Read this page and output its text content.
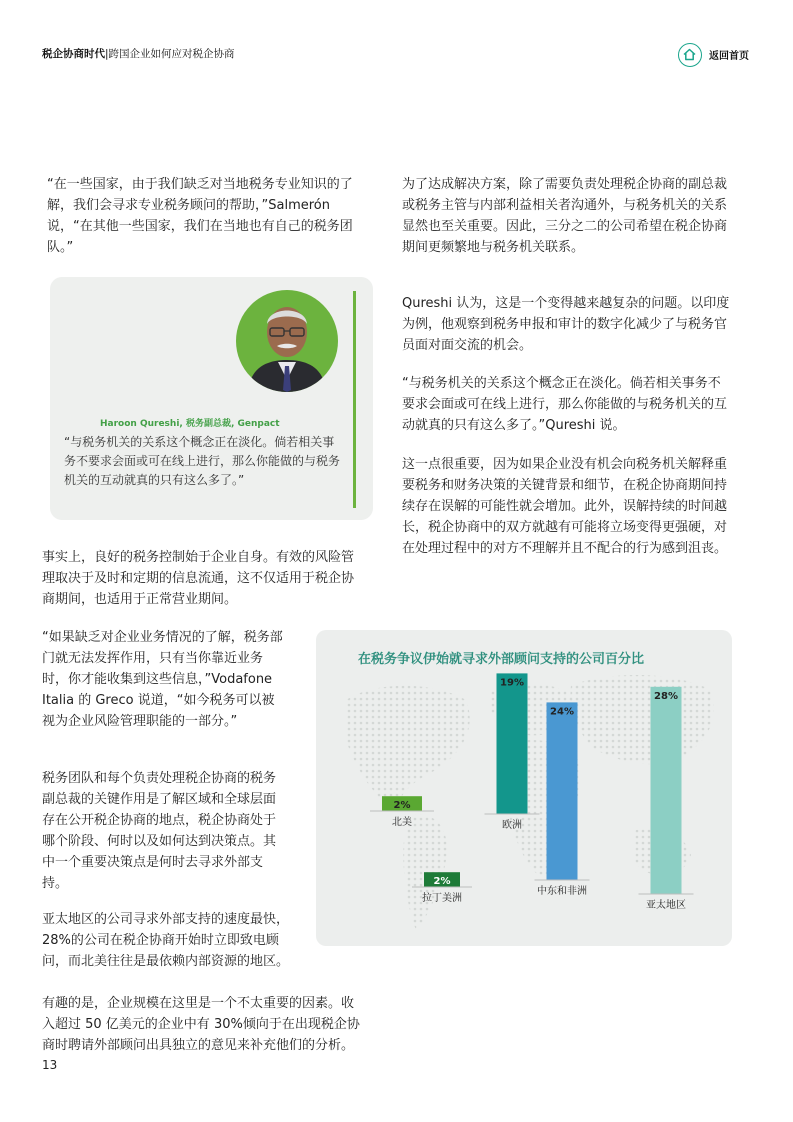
税企协商时代|跨国企业如何应对税企协商	返回首页

“在一些国家，由于我们缺乏对当地税务专业知识的了解，我们会寻求专业税务顾问的帮助，”Salmerón 说，“在其他一些国家，我们在当地也有自己的税务团队。”

Haroon Qureshi, 税务副总裁, Genpact

“与税务机关的关系这个概念正在淡化。倘若相关事务不要求会面或可在线上进行，那么你能做的与税务机关的互动就真的只有这么多了。”

事实上，良好的税务控制始于企业自身。有效的风险管理取决于及时和定期的信息流通，这不仅适用于税企协商期间，也适用于正常营业期间。

“如果缺乏对企业业务情况的了解，税务部门就无法发挥作用，只有当你靠近业务时，你才能收集到这些信息，”Vodafone Italia 的 Greco 说道，“如今税务可以被视为企业风险管理职能的一部分。”

税务团队和每个负责处理税企协商的税务副总裁的关键作用是了解区域和全球层面存在公开税企协商的地点，税企协商处于哪个阶段、何时以及如何达到决策点。其中一个重要决策点是何时去寻求外部支持。

亚太地区的公司寻求外部支持的速度最快，28%的公司在税企协商开始时立即致电顾问，而北美往往是最依赖内部资源的地区。

有趣的是，企业规模在这里是一个不太重要的因素。收入超过 50 亿美元的企业中有 30%倾向于在出现税企协商时聘请外部顾问出具独立的意见来补充他们的分析。

为了达成解决方案，除了需要负责处理税企协商的副总裁或税务主管与内部利益相关者沟通外，与税务机关的关系显然也至关重要。因此，三分之二的公司希望在税企协商期间更频繁地与税务机关联系。

Qureshi 认为，这是一个变得越来越复杂的问题。以印度为例，他观察到税务申报和审计的数字化减少了与税务官员面对面交流的机会。

“与税务机关的关系这个概念正在淡化。倘若相关事务不要求会面或可在线上进行，那么你能做的与税务机关的互动就真的只有这么多了。”Qureshi 说。

这一点很重要，因为如果企业没有机会向税务机关解释重要税务和财务决策的关键背景和细节，在税企协商期间持续存在误解的可能性就会增加。此外，误解持续的时间越长，税企协商中的双方就越有可能将立场变得更强硬，对在处理过程中的对方不理解并且不配合的行为感到沮丧。

2%
北美
2%
拉丁美洲
19%
欧洲
24%
中东和非洲
28%
亚太地区
在税务争议伊始就寻求外部顾问支持的公司百分比
13
